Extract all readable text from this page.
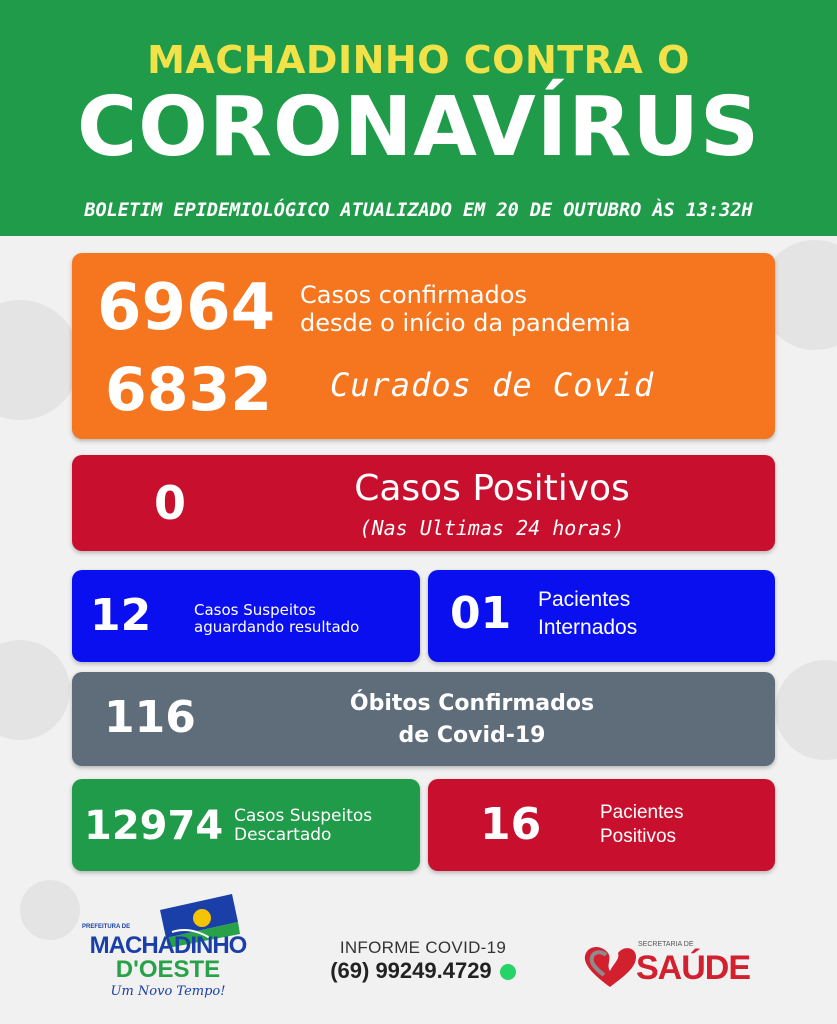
MACHADINHO CONTRA O
CORONAVÍRUS
BOLETIM EPIDEMIOLÓGICO ATUALIZADO EM 20 DE OUTUBRO ÀS 13:32H
6964 Casos confirmados
desde o início da pandemia
6832 Curados de Covid
0	Casos Positivos
(Nas Ultimas 24 horas)
12	Casos Suspeitos
aguardando resultado 01 Pacientes
Internados
116	Óbitos Confirmados
de Covid-19
12974 Casos Suspeitos
Descartado	16	Pacientes
Positivos
PREFEITURA DE
MACHADINHO
D'OESTE
Um Novo Tempo!
INFORME COVID-19
(69) 99249.4729
SECRETARIA DE
SAÚDE
